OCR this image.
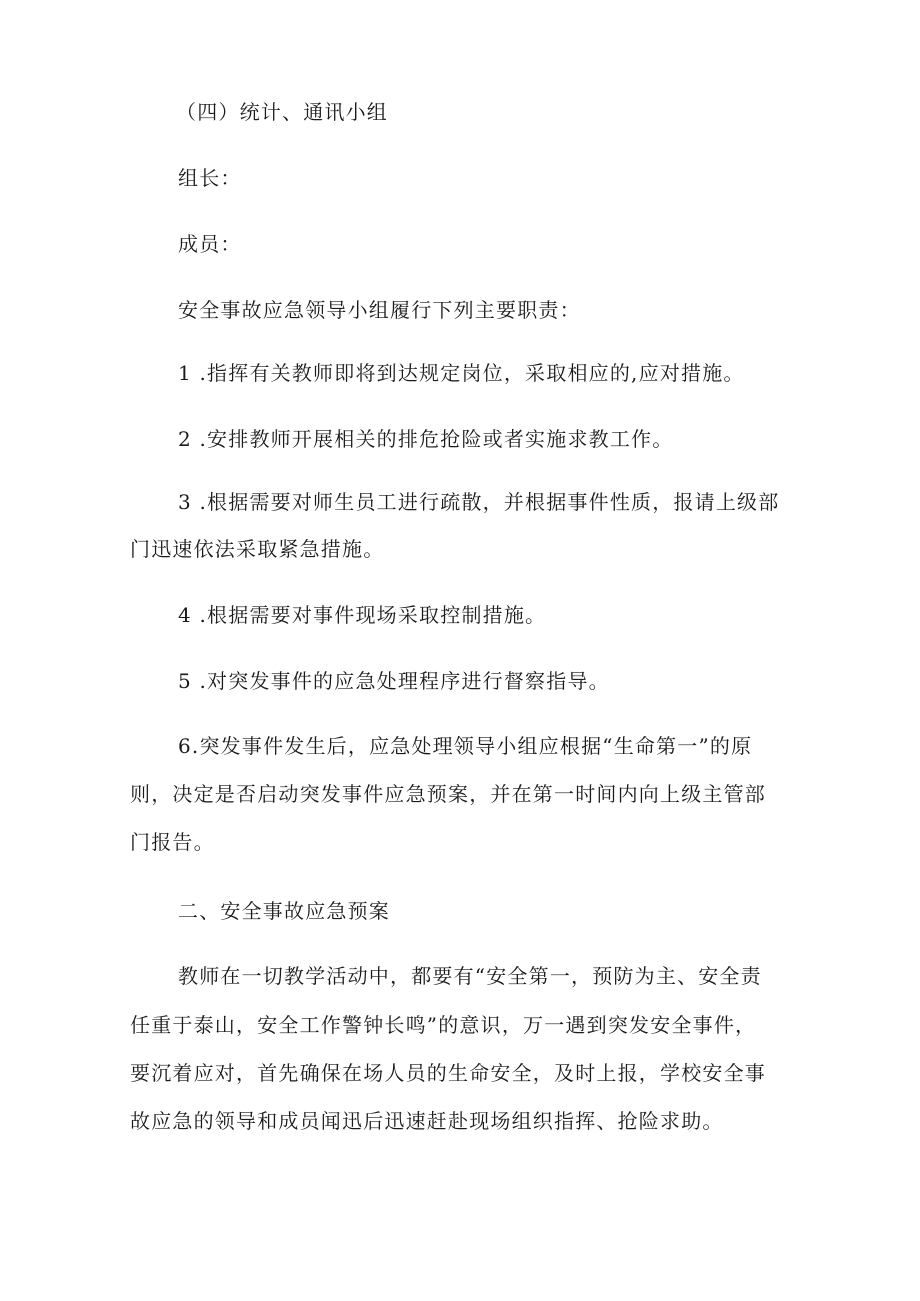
（四）统计、通讯小组
组长：
成员：
安全事故应急领导小组履行下列主要职责：
1 .指挥有关教师即将到达规定岗位，采取相应的,应对措施。
2 .安排教师开展相关的排危抢险或者实施求教工作。
3 .根据需要对师生员工进行疏散，并根据事件性质，报请上级部
门迅速依法采取紧急措施。
4 .根据需要对事件现场采取控制措施。
5 .对突发事件的应急处理程序进行督察指导。
6.突发事件发生后，应急处理领导小组应根据“生命第一”的原
则，决定是否启动突发事件应急预案，并在第一时间内向上级主管部
门报告。
二、安全事故应急预案
教师在一切教学活动中，都要有“安全第一，预防为主、安全责
任重于泰山，安全工作警钟长鸣”的意识，万一遇到突发安全事件，
要沉着应对，首先确保在场人员的生命安全，及时上报，学校安全事
故应急的领导和成员闻迅后迅速赶赴现场组织指挥、抢险求助。
